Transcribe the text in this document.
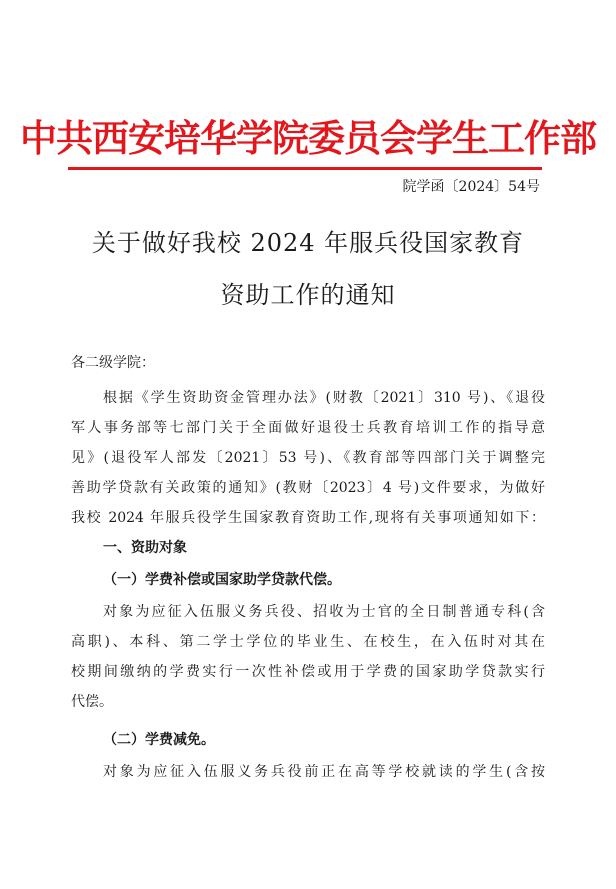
中共西安培华学院委员会学生工作部
院学函〔2024〕54号
关于做好我校 2024 年服兵役国家教育
资助工作的通知
各二级学院：
根据《学生资助资金管理办法》(财教〔2021〕310 号)、《退役
军人事务部等七部门关于全面做好退役士兵教育培训工作的指导意
见》(退役军人部发〔2021〕53 号)、《教育部等四部门关于调整完
善助学贷款有关政策的通知》(教财〔2023〕4 号)文件要求，为做好
我校 2024 年服兵役学生国家教育资助工作,现将有关事项通知如下：
一、资助对象
（一）学费补偿或国家助学贷款代偿。
对象为应征入伍服义务兵役、招收为士官的全日制普通专科(含
高职)、本科、第二学士学位的毕业生、在校生，在入伍时对其在
校期间缴纳的学费实行一次性补偿或用于学费的国家助学贷款实行
代偿。
（二）学费减免。
对象为应征入伍服义务兵役前正在高等学校就读的学生(含按
